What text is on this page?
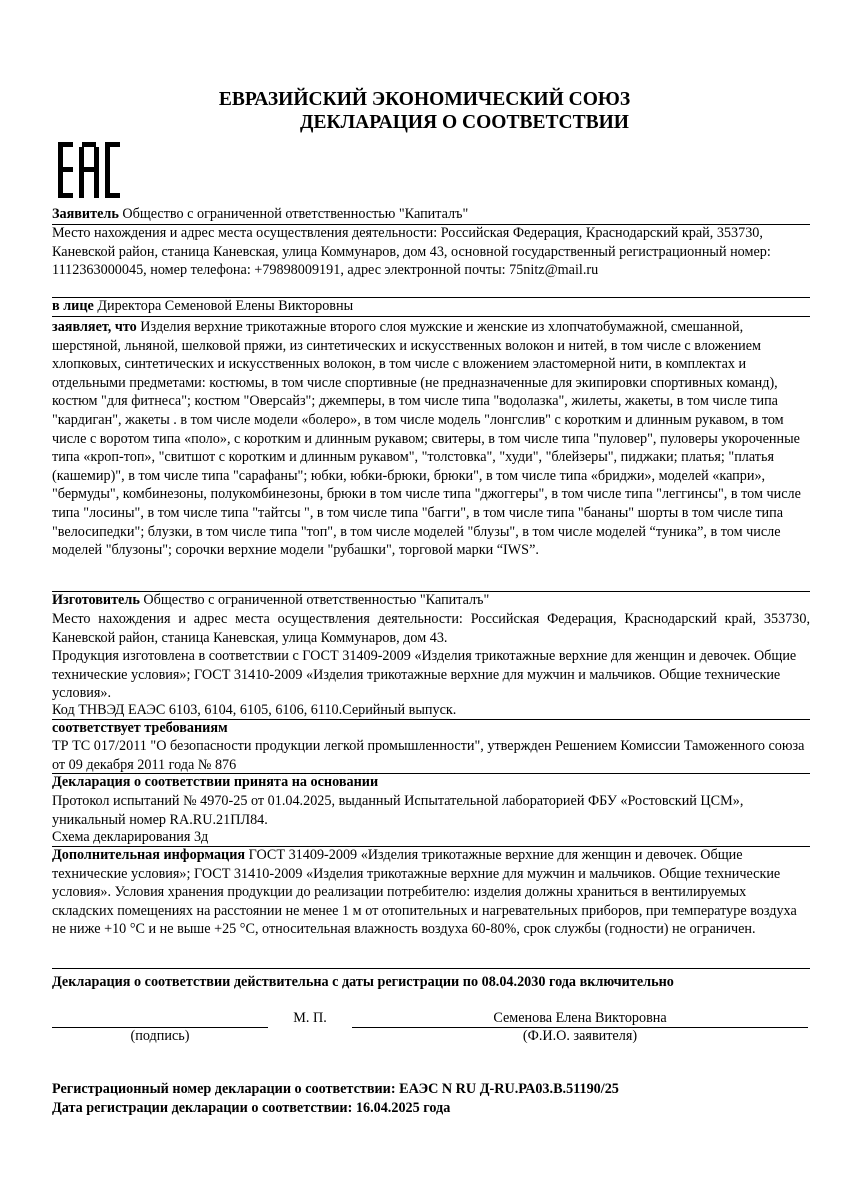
ЕВРАЗИЙСКИЙ ЭКОНОМИЧЕСКИЙ СОЮЗ
ДЕКЛАРАЦИЯ О СООТВЕТСТВИИ
Заявитель Общество с ограниченной ответственностью "Капиталъ"
Место нахождения и адрес места осуществления деятельности: Российская Федерация, Краснодарский край, 353730, Каневской район, станица Каневская, улица Коммунаров, дом 43, основной государственный регистрационный номер: 1112363000045, номер телефона: +79898009191, адрес электронной почты: 75nitz@mail.ru
в лице Директора Семеновой Елены Викторовны
заявляет, что Изделия верхние трикотажные второго слоя мужские и женские из хлопчатобумажной, смешанной, шерстяной, льняной, шелковой пряжи, из синтетических и искусственных волокон и нитей, в том числе с вложением хлопковых, синтетических и искусственных волокон, в том числе с вложением эластомерной нити, в комплектах и отдельными предметами: костюмы, в том числе спортивные (не предназначенные для экипировки спортивных команд), костюм "для фитнеса"; костюм "Оверсайз"; джемперы, в том числе типа "водолазка", жилеты, жакеты, в том числе типа "кардиган", жакеты . в том числе модели «болеро», в том числе модель "лонгслив" с коротким и длинным рукавом, в том числе с воротом типа «поло», с коротким и длинным рукавом; свитеры, в том числе типа "пуловер", пуловеры укороченные типа «кроп-топ», "свитшот с коротким и длинным рукавом", "толстовка", "худи", "блейзеры", пиджаки; платья; "платья (кашемир)", в том числе типа "сарафаны"; юбки, юбки-брюки, брюки", в том числе типа «бриджи», моделей «капри», "бермуды", комбинезоны, полукомбинезоны, брюки в том числе типа "джоггеры", в том числе типа "леггинсы", в том числе типа "лосины", в том числе типа "тайтсы ", в том числе типа "багги", в том числе типа "бананы" шорты в том числе типа "велосипедки"; блузки, в том числе типа "топ", в том числе моделей "блузы", в том числе моделей “туника”, в том числе моделей "блузоны"; сорочки верхние модели "рубашки", торговой марки “IWS”.
Изготовитель Общество с ограниченной ответственностью "Капиталъ"
Место нахождения и адрес места осуществления деятельности: Российская Федерация, Краснодарский край, 353730, Каневской район, станица Каневская, улица Коммунаров, дом 43.
Продукция изготовлена в соответствии с ГОСТ 31409-2009 «Изделия трикотажные верхние для женщин и девочек. Общие технические условия»; ГОСТ 31410-2009 «Изделия трикотажные верхние для мужчин и мальчиков. Общие технические условия».
Код ТНВЭД ЕАЭС 6103, 6104, 6105, 6106, 6110.Серийный выпуск.
соответствует требованиям
ТР ТС 017/2011 "О безопасности продукции легкой промышленности", утвержден Решением Комиссии Таможенного союза от 09 декабря 2011 года № 876
Декларация о соответствии принята на основании
Протокол испытаний № 4970-25 от 01.04.2025, выданный Испытательной лабораторией ФБУ «Ростовский ЦСМ», уникальный номер RA.RU.21ПЛ84.
Схема декларирования 3д
Дополнительная информация ГОСТ 31409-2009 «Изделия трикотажные верхние для женщин и девочек. Общие технические условия»; ГОСТ 31410-2009 «Изделия трикотажные верхние для мужчин и мальчиков. Общие технические условия». Условия хранения продукции до реализации потребителю: изделия должны храниться в вентилируемых складских помещениях на расстоянии не менее 1 м от отопительных и нагревательных приборов, при температуре воздуха не ниже +10 °С и не выше +25 °С, относительная влажность воздуха 60-80%, срок службы (годности) не ограничен.
Декларация о соответствии действительна с даты регистрации по 08.04.2030 года включительно
М. П.	Семенова Елена Викторовна
(подпись)	(Ф.И.О. заявителя)
Регистрационный номер декларации о соответствии: ЕАЭС N RU Д-RU.РА03.В.51190/25
Дата регистрации декларации о соответствии: 16.04.2025 года
